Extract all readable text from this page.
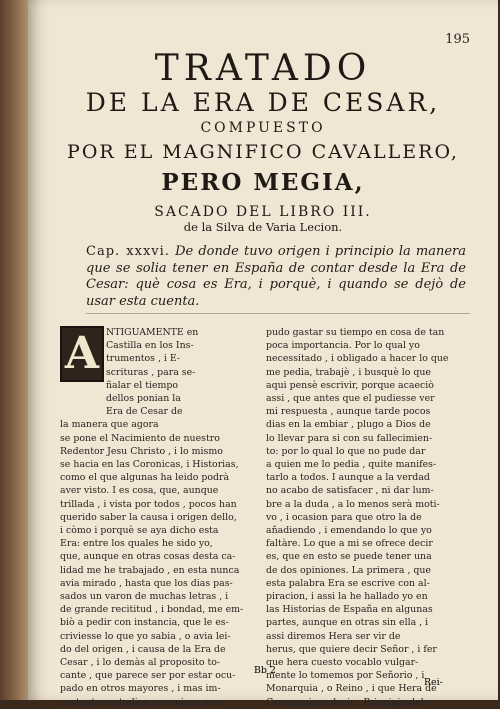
195
TRATADO
DE LA ERA DE CESAR,
COMPUESTO
POR EL MAGNIFICO CAVALLERO,
PERO MEGIA,
SACADO DEL LIBRO III.
de la Silva de Varia Lecion.
Cap. xxxvi. De donde tuvo origen i principio la manera que se solia tener en España de contar desde la Era de Cesar: què cosa es Era, i porquè, i quando se dejò de usar esta cuenta.
A NTIGUAMENTE en
Castilla en los Ins-
trumentos , i E-
scrituras , para se-
ñalar el tiempo
dellos ponian la
Era de Cesar de
la manera que agora
se pone el Nacimiento de nuestro
Redentor Jesu Christo , i lo mismo
se hacia en las Coronicas, i Historias,
como el que algunas ha leido podrà
aver visto. I es cosa, que, aunque
trillada , i vista por todos , pocos han
querido saber la causa i origen dello,
i còmo i porquè se aya dicho esta
Era: entre los quales he sido yo,
que, aunque en otras cosas desta ca-
lidad me he trabajado , en esta nunca
avia mirado , hasta que los dias pas-
sados un varon de muchas letras , i
de grande recititud , i bondad, me em-
biò a pedir con instancia, que le es-
criviesse lo que yo sabia , o avia lei-
do del origen , i causa de la Era de
Cesar , i lo demàs al proposito to-
cante , que parece ser por estar ocu-
pado en otros mayores , i mas im-
portantes estudios, no quiso , o no
pudo gastar su tiempo en cosa de tan
poca importancia. Por lo qual yo
necessitado , i obligado a hacer lo que
me pedia, trabajè , i busquè lo que
aqui pensè escrivir, porque acaeciò
assi , que antes que el pudiesse ver
mi respuesta , aunque tarde pocos
dias en la embiar , plugo a Dios de
lo llevar para si con su fallecimien-
to: por lo qual lo que no pude dar
a quien me lo pedia , quite manifes-
tarlo a todos. I aunque a la verdad
no acabo de satisfacer , ni dar lum-
bre a la duda , a lo menos serà moti-
vo , i ocasion para que otro la de
añadiendo , i emendando lo que yo
faltàre. Lo que a mi se ofrece decir
es, que en esto se puede tener una
de dos opiniones. La primera , que
esta palabra Era se escrive con al-
piracion, i assi la he hallado yo en
las Historias de España en algunas
partes, aunque en otras sin ella , i
assi diremos Hera ser vir de
herus, que quiere decir Señor , i fer
que hera cuesto vocablo vulgar-
mente lo tomemos por Señorio , i
Monarquia , o Reino , i que Hera de
Cesar quiera decir , Principio del
Bb 2
Rei-
